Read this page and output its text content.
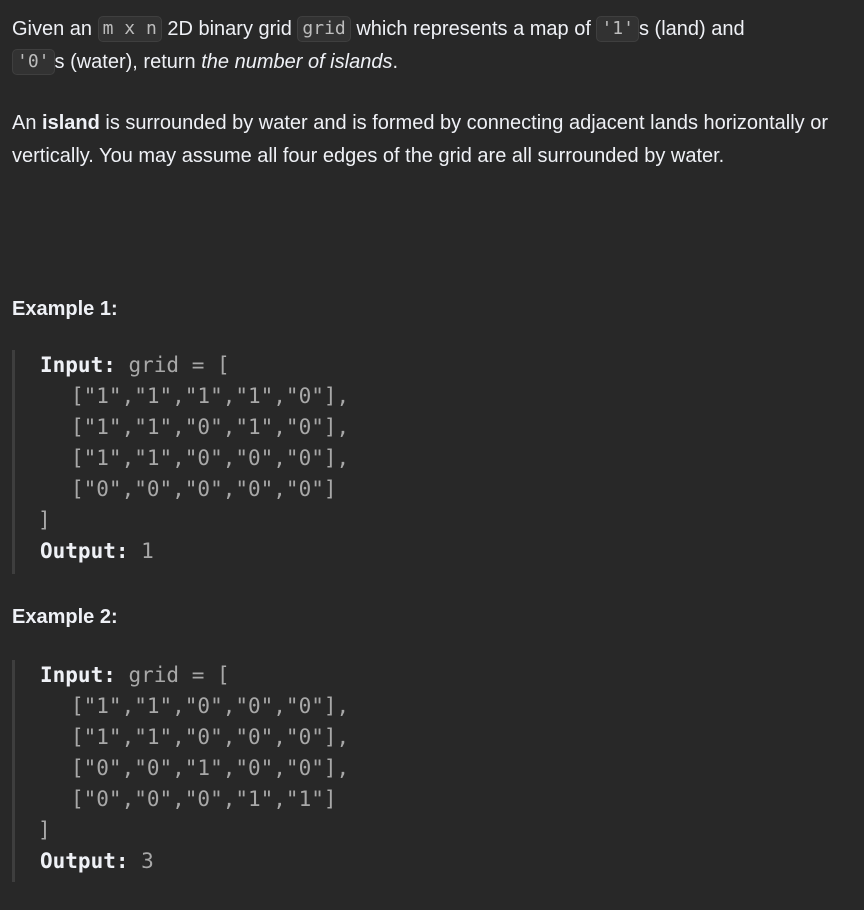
Given an m x n 2D binary grid grid which represents a map of '1' s (land) and
'0' s (water), return the number of islands.

An island is surrounded by water and is formed by connecting adjacent lands horizontally or vertically. You may assume all four edges of the grid are all surrounded by water.

Example 1:

Input: grid = [
["1","1","1","1","0"],
["1","1","0","1","0"],
["1","1","0","0","0"],
["0","0","0","0","0"]
]
Output: 1

Example 2:

Input: grid = [
["1","1","0","0","0"],
["1","1","0","0","0"],
["0","0","1","0","0"],
["0","0","0","1","1"]
]
Output: 3
